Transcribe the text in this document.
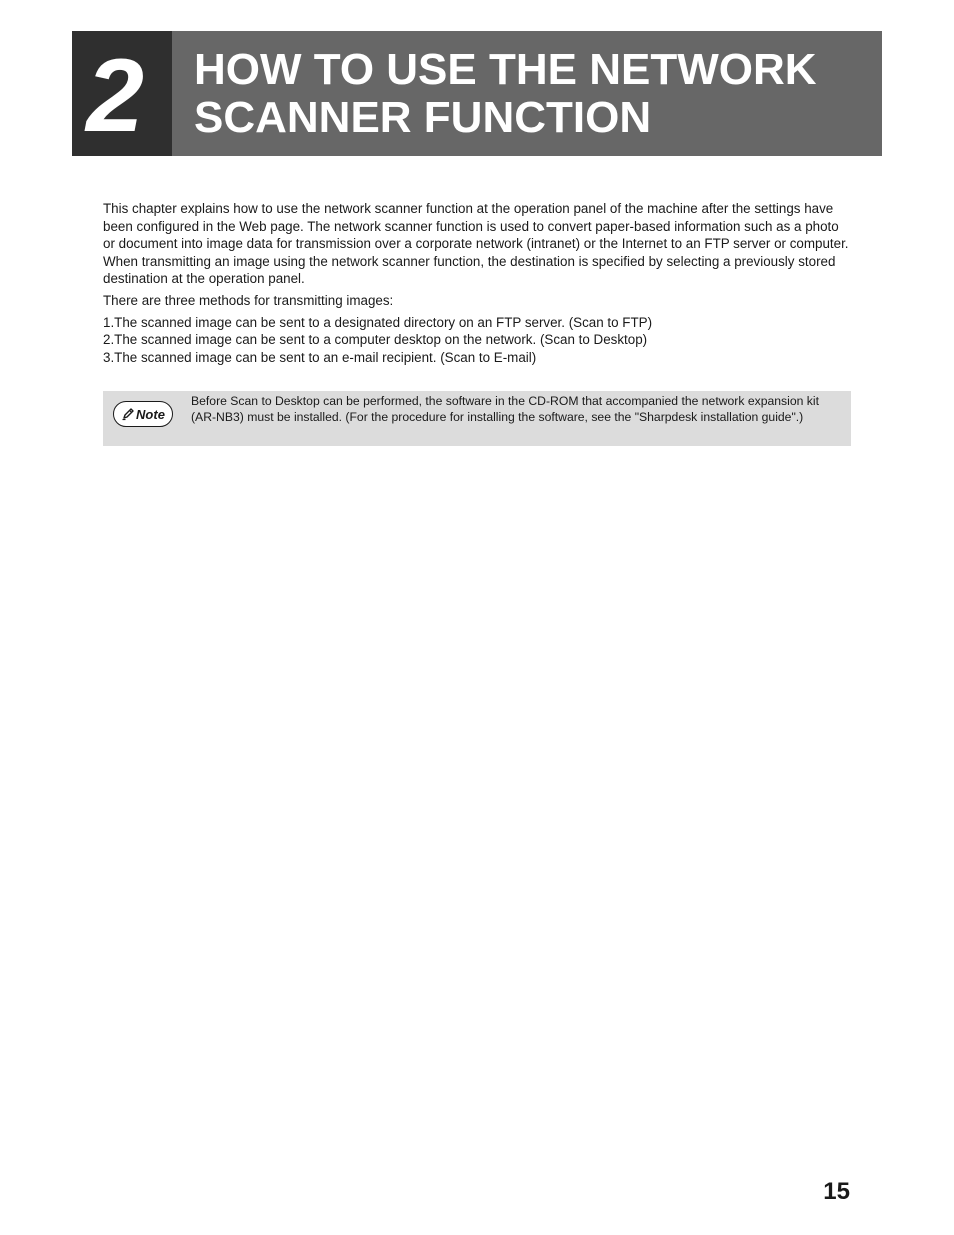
2 HOW TO USE THE NETWORK
SCANNER FUNCTION

This chapter explains how to use the network scanner function at the operation panel of the machine after the settings have been configured in the Web page. The network scanner function is used to convert paper-based information such as a photo or document into image data for transmission over a corporate network (intranet) or the Internet to an FTP server or computer. When transmitting an image using the network scanner function, the destination is specified by selecting a previously stored destination at the operation panel.

There are three methods for transmitting images:

1.The scanned image can be sent to a designated directory on an FTP server. (Scan to FTP)
2.The scanned image can be sent to a computer desktop on the network. (Scan to Desktop)
3.The scanned image can be sent to an e-mail recipient. (Scan to E-mail)
Note

Before Scan to Desktop can be performed, the software in the CD-ROM that accompanied the network expansion kit (AR-NB3) must be installed. (For the procedure for installing the software, see the "Sharpdesk installation guide".)

15
